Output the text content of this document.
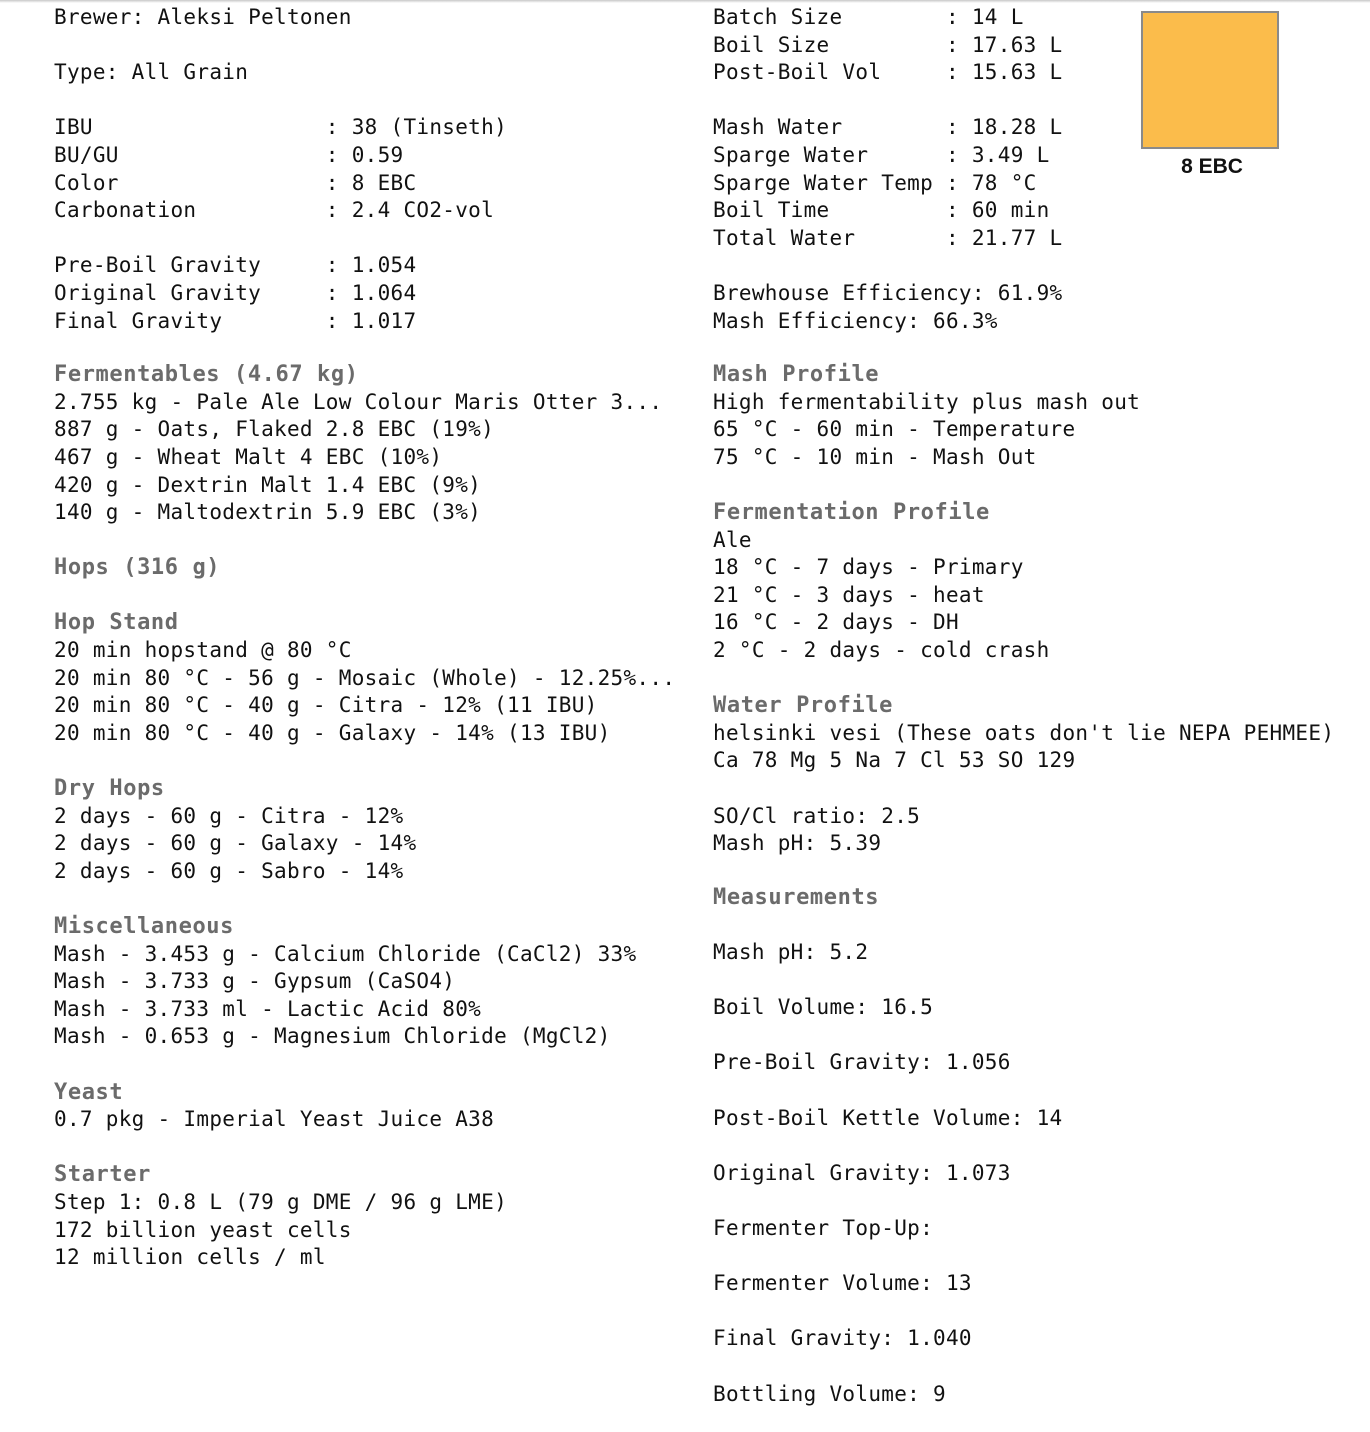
Brewer: Aleksi Peltonen
Type: All Grain
IBU                  : 38 (Tinseth)
BU/GU                : 0.59
Color                : 8 EBC
Carbonation          : 2.4 CO2-vol
Pre-Boil Gravity     : 1.054
Original Gravity     : 1.064
Final Gravity        : 1.017
Fermentables (4.67 kg)
2.755 kg - Pale Ale Low Colour Maris Otter 3...
887 g - Oats, Flaked 2.8 EBC (19%)
467 g - Wheat Malt 4 EBC (10%)
420 g - Dextrin Malt 1.4 EBC (9%)
140 g - Maltodextrin 5.9 EBC (3%)
Hops (316 g)
Hop Stand
20 min hopstand @ 80 °C
20 min 80 °C - 56 g - Mosaic (Whole) - 12.25%...
20 min 80 °C - 40 g - Citra - 12% (11 IBU)
20 min 80 °C - 40 g - Galaxy - 14% (13 IBU)
Dry Hops
2 days - 60 g - Citra - 12%
2 days - 60 g - Galaxy - 14%
2 days - 60 g - Sabro - 14%
Miscellaneous
Mash - 3.453 g - Calcium Chloride (CaCl2) 33%
Mash - 3.733 g - Gypsum (CaSO4)
Mash - 3.733 ml - Lactic Acid 80%
Mash - 0.653 g - Magnesium Chloride (MgCl2)
Yeast
0.7 pkg - Imperial Yeast Juice A38
Starter
Step 1: 0.8 L (79 g DME / 96 g LME)
172 billion yeast cells
12 million cells / ml
Batch Size        : 14 L
Boil Size         : 17.63 L
Post-Boil Vol     : 15.63 L
Mash Water        : 18.28 L
Sparge Water      : 3.49 L
Sparge Water Temp : 78 °C
Boil Time         : 60 min
Total Water       : 21.77 L
Brewhouse Efficiency: 61.9%
Mash Efficiency: 66.3%
Mash Profile
High fermentability plus mash out
65 °C - 60 min - Temperature
75 °C - 10 min - Mash Out
Fermentation Profile
Ale
18 °C - 7 days - Primary
21 °C - 3 days - heat
16 °C - 2 days - DH
2 °C - 2 days - cold crash
Water Profile
helsinki vesi (These oats don't lie NEPA PEHMEE)
Ca 78 Mg 5 Na 7 Cl 53 SO 129
SO/Cl ratio: 2.5
Mash pH: 5.39
Measurements
Mash pH: 5.2
Boil Volume: 16.5
Pre-Boil Gravity: 1.056
Post-Boil Kettle Volume: 14
Original Gravity: 1.073
Fermenter Top-Up:
Fermenter Volume: 13
Final Gravity: 1.040
Bottling Volume: 9
8 EBC
